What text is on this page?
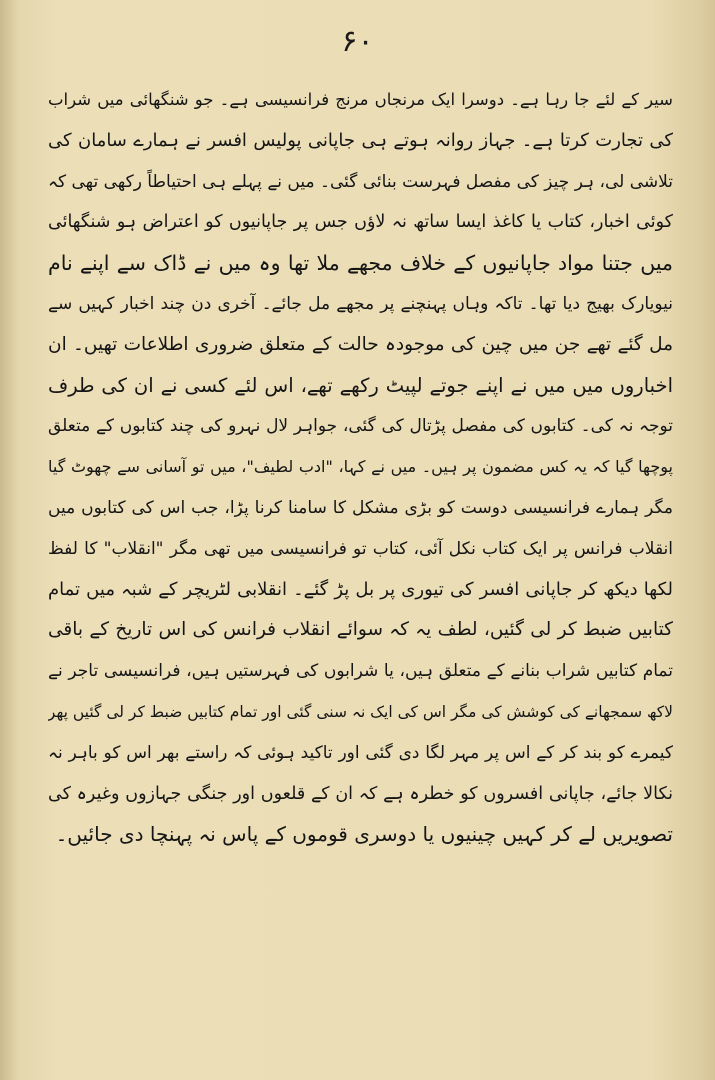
۶۰
سیر کے لئے جا رہا ہے۔ دوسرا ایک مرنجاں مرنج فرانسیسی ہے۔ جو شنگھائی میں شراب
کی تجارت کرتا ہے۔ جہاز روانہ ہوتے ہی جاپانی پولیس افسر نے ہمارے سامان کی
تلاشی لی، ہر چیز کی مفصل فہرست بنائی گئی۔ میں نے پہلے ہی احتیاطاً رکھی تھی کہ
کوئی اخبار، کتاب یا کاغذ ایسا ساتھ نہ لاؤں جس پر جاپانیوں کو اعتراض ہو شنگھائی
میں جتنا مواد جاپانیوں کے خلاف مجھے ملا تھا وہ میں نے ڈاک سے اپنے نام
نیویارک بھیج دیا تھا۔ تاکہ وہاں پہنچنے پر مجھے مل جائے۔ آخری دن چند اخبار کہیں سے
مل گئے تھے جن میں چین کی موجودہ حالت کے متعلق ضروری اطلاعات تھیں۔ ان
اخباروں میں میں نے اپنے جوتے لپیٹ رکھے تھے، اس لئے کسی نے ان کی طرف
توجہ نہ کی۔ کتابوں کی مفصل پڑتال کی گئی، جواہر لال نہرو کی چند کتابوں کے متعلق
پوچھا گیا کہ یہ کس مضمون پر ہیں۔ میں نے کہا، "ادب لطیف"، میں تو آسانی سے چھوٹ گیا
مگر ہمارے فرانسیسی دوست کو بڑی مشکل کا سامنا کرنا پڑا، جب اس کی کتابوں میں
انقلاب فرانس پر ایک کتاب نکل آئی، کتاب تو فرانسیسی میں تھی مگر "انقلاب" کا لفظ
لکھا دیکھ کر جاپانی افسر کی تیوری پر بل پڑ گئے۔ انقلابی لٹریچر کے شبہ میں تمام
کتابیں ضبط کر لی گئیں، لطف یہ کہ سوائے انقلاب فرانس کی اس تاریخ کے باقی
تمام کتابیں شراب بنانے کے متعلق ہیں، یا شرابوں کی فہرستیں ہیں، فرانسیسی تاجر نے
لاکھ سمجھانے کی کوشش کی مگر اس کی ایک نہ سنی گئی اور تمام کتابیں ضبط کر لی گئیں پھر
کیمرے کو بند کر کے اس پر مہر لگا دی گئی اور تاکید ہوئی کہ راستے بھر اس کو باہر نہ
نکالا جائے، جاپانی افسروں کو خطرہ ہے کہ ان کے قلعوں اور جنگی جہازوں وغیرہ کی
تصویریں لے کر کہیں چینیوں یا دوسری قوموں کے پاس نہ پہنچا دی جائیں۔
